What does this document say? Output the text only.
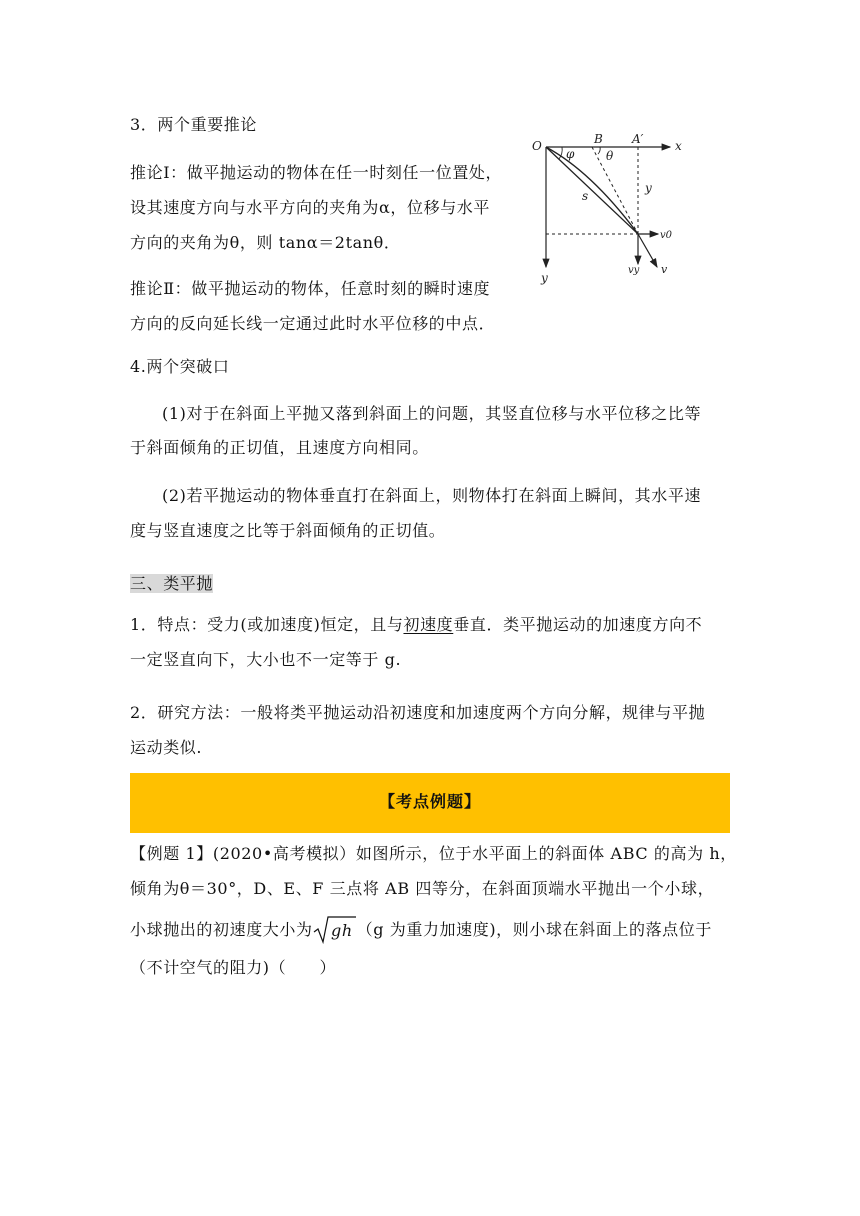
3．两个重要推论
推论Ⅰ：做平抛运动的物体在任一时刻任一位置处，
设其速度方向与水平方向的夹角为α，位移与水平
方向的夹角为θ，则 tanα＝2tanθ．
推论Ⅱ：做平抛运动的物体，任意时刻的瞬时速度
方向的反向延长线一定通过此时水平位移的中点．
O	B A′	x
y
y
φ	θ
s
v0
vy v
4.两个突破口
(1)对于在斜面上平抛又落到斜面上的问题，其竖直位移与水平位移之比等
于斜面倾角的正切值，且速度方向相同。
(2)若平抛运动的物体垂直打在斜面上，则物体打在斜面上瞬间，其水平速
度与竖直速度之比等于斜面倾角的正切值。
三、类平抛
1．特点：受力(或加速度)恒定，且与初速度垂直．类平抛运动的加速度方向不
一定竖直向下，大小也不一定等于 g.
2．研究方法：一般将类平抛运动沿初速度和加速度两个方向分解，规律与平抛
运动类似.
【考点例题】
【例题 1】(2020•高考模拟）如图所示，位于水平面上的斜面体 ABC 的高为 h，
倾角为θ＝30°，D、E、F 三点将 AB 四等分，在斜面顶端水平抛出一个小球，
小球抛出的初速度大小为 gh （g 为重力加速度)，则小球在斜面上的落点位于
（不计空气的阻力)（　　）
